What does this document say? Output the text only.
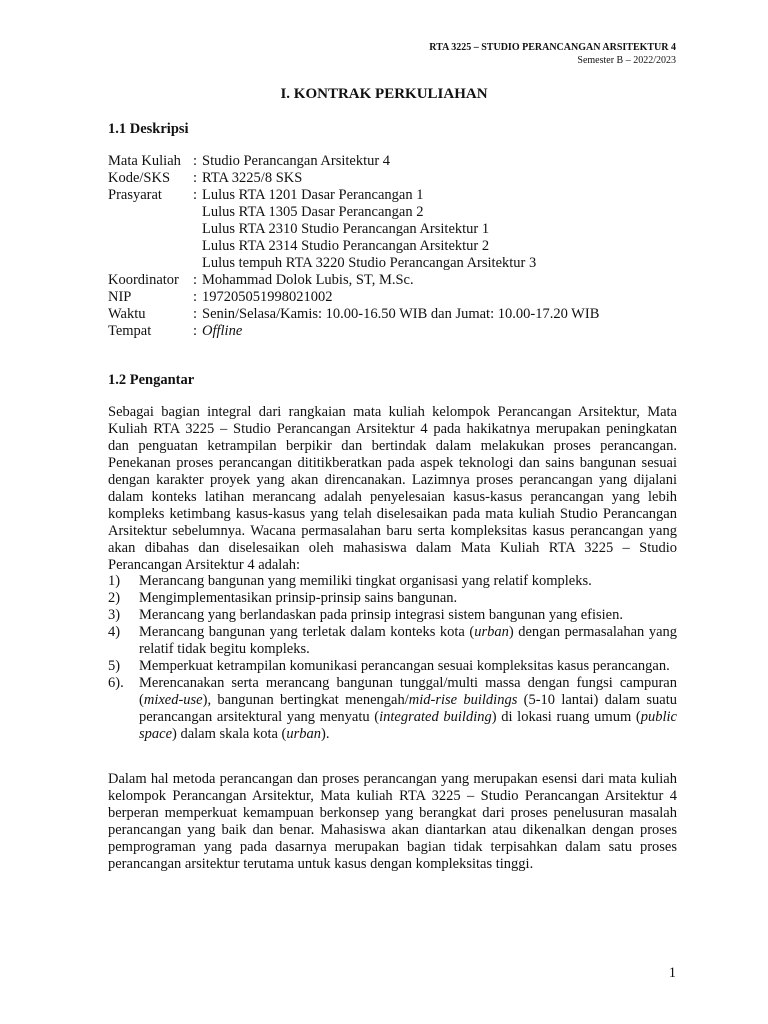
RTA 3225 – STUDIO PERANCANGAN ARSITEKTUR 4
Semester B – 2022/2023
I. KONTRAK PERKULIAHAN
1.1 Deskripsi
Mata Kuliah : Studio Perancangan Arsitektur 4
Kode/SKS	: RTA 3225/8 SKS
Prasyarat	: Lulus RTA 1201 Dasar Perancangan 1
Lulus RTA 1305 Dasar Perancangan 2
Lulus RTA 2310 Studio Perancangan Arsitektur 1
Lulus RTA 2314 Studio Perancangan Arsitektur 2
Lulus tempuh RTA 3220 Studio Perancangan Arsitektur 3
Koordinator : Mohammad Dolok Lubis, ST, M.Sc.
NIP	: 197205051998021002
Waktu	: Senin/Selasa/Kamis: 10.00-16.50 WIB dan Jumat: 10.00-17.20 WIB
Tempat	: Offline
1.2 Pengantar

Sebagai bagian integral dari rangkaian mata kuliah kelompok Perancangan Arsitektur, Mata Kuliah RTA 3225 – Studio Perancangan Arsitektur 4 pada hakikatnya merupakan peningkatan dan penguatan ketrampilan berpikir dan bertindak dalam melakukan proses perancangan. Penekanan proses perancangan dititikberatkan pada aspek teknologi dan sains bangunan sesuai dengan karakter proyek yang akan direncanakan. Lazimnya proses perancangan yang dijalani dalam konteks latihan merancang adalah penyelesaian kasus-kasus perancangan yang lebih kompleks ketimbang kasus-kasus yang telah diselesaikan pada mata kuliah Studio Perancangan Arsitektur sebelumnya. Wacana permasalahan baru serta kompleksitas kasus perancangan yang akan dibahas dan diselesaikan oleh mahasiswa dalam Mata Kuliah RTA 3225 – Studio Perancangan Arsitektur 4 adalah:

1)	Merancang bangunan yang memiliki tingkat organisasi yang relatif kompleks.
2)	Mengimplementasikan prinsip-prinsip sains bangunan.
3)	Merancang yang berlandaskan pada prinsip integrasi sistem bangunan yang efisien.
4)	Merancang bangunan yang terletak dalam konteks kota (urban) dengan permasalahan yang relatif tidak begitu kompleks.
5)	Memperkuat ketrampilan komunikasi perancangan sesuai kompleksitas kasus perancangan.
6).	Merencanakan serta merancang bangunan tunggal/multi massa dengan fungsi campuran (mixed-use), bangunan bertingkat menengah/mid-rise buildings (5-10 lantai) dalam suatu perancangan arsitektural yang menyatu (integrated building) di lokasi ruang umum (public space) dalam skala kota (urban).

Dalam hal metoda perancangan dan proses perancangan yang merupakan esensi dari mata kuliah kelompok Perancangan Arsitektur, Mata kuliah RTA 3225 – Studio Perancangan Arsitektur 4 berperan memperkuat kemampuan berkonsep yang berangkat dari proses penelusuran masalah perancangan yang baik dan benar. Mahasiswa akan diantarkan atau dikenalkan dengan proses pemprograman yang pada dasarnya merupakan bagian tidak terpisahkan dalam satu proses perancangan arsitektur terutama untuk kasus dengan kompleksitas tinggi.

1
